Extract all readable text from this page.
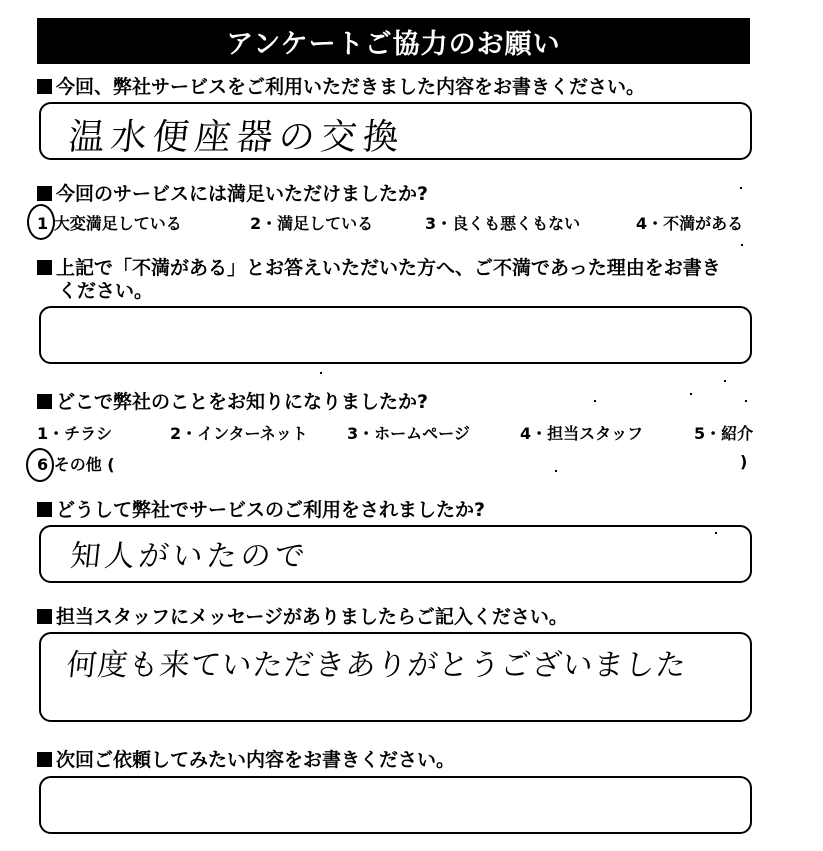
アンケートご協力のお願い
今回、弊社サービスをご利用いただきました内容をお書きください。
温水便座器の交換
今回のサービスには満足いただけましたか?
1 大変満足している	2・満足している	3・良くも悪くもない	4・不満がある
上記で「不満がある」とお答えいただいた方へ、ご不満であった理由をお書き
ください。
どこで弊社のことをお知りになりましたか?
1・チラシ	2・インターネット 3・ホームページ	4・担当スタッフ	5・紹介
6 その他 (	)
どうして弊社でサービスのご利用をされましたか?
知人がいたので
担当スタッフにメッセージがありましたらご記入ください。
何度も来ていただきありがとうございました
次回ご依頼してみたい内容をお書きください。
